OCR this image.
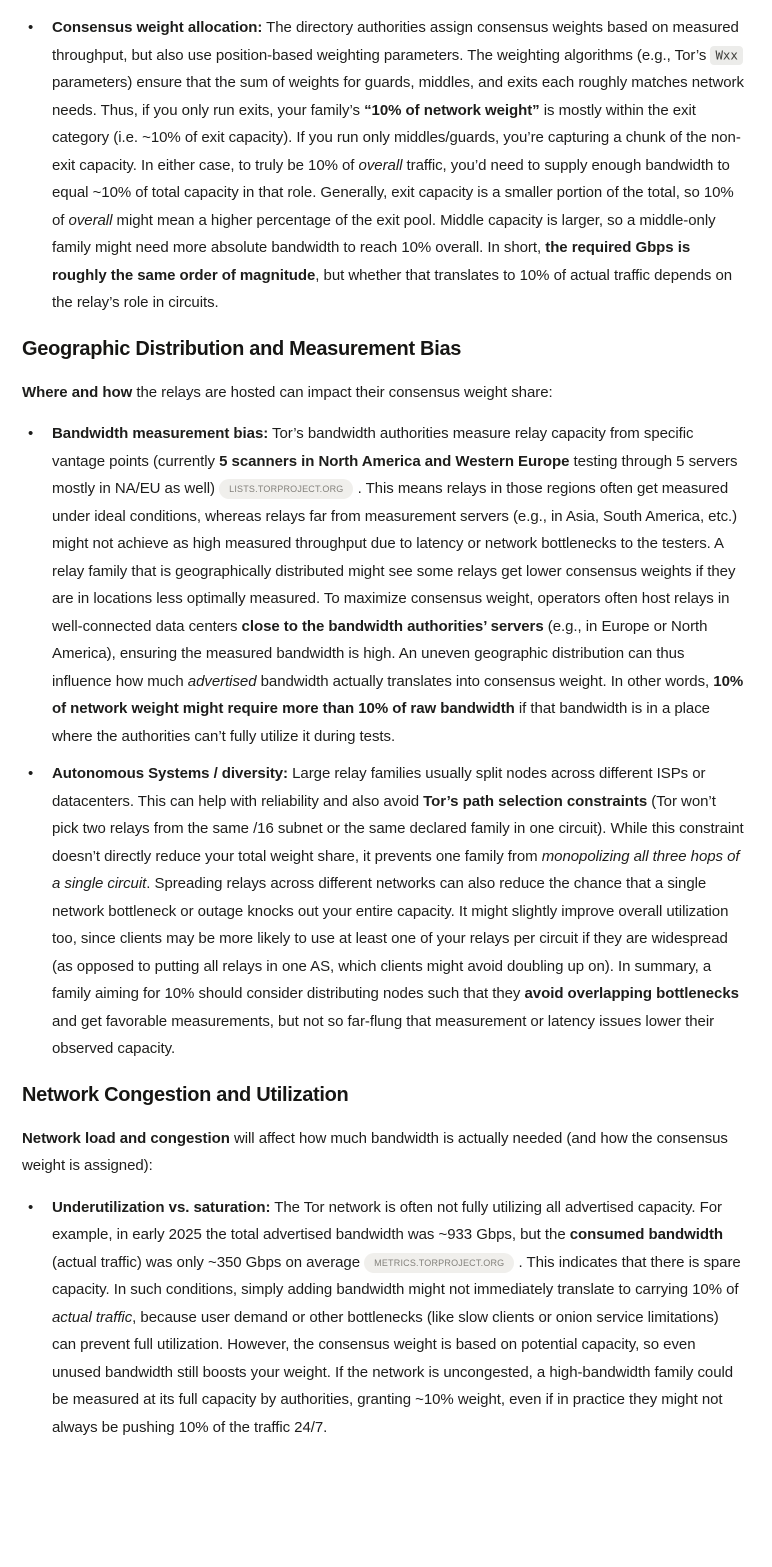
• Consensus weight allocation: The directory authorities assign consensus weights based on measured throughput, but also use position-based weighting parameters. The weighting algorithms (e.g., Tor’s Wxx parameters) ensure that the sum of weights for guards, middles, and exits each roughly matches network needs. Thus, if you only run exits, your family’s “10% of network weight” is mostly within the exit category (i.e. ~10% of exit capacity). If you run only middles/guards, you’re capturing a chunk of the non-exit capacity. In either case, to truly be 10% of overall traffic, you’d need to supply enough bandwidth to equal ~10% of total capacity in that role. Generally, exit capacity is a smaller portion of the total, so 10% of overall might mean a higher percentage of the exit pool. Middle capacity is larger, so a middle-only family might need more absolute bandwidth to reach 10% overall. In short, the required Gbps is roughly the same order of magnitude, but whether that translates to 10% of actual traffic depends on the relay’s role in circuits.
Geographic Distribution and Measurement Bias

Where and how the relays are hosted can impact their consensus weight share:

• Bandwidth measurement bias: Tor’s bandwidth authorities measure relay capacity from specific vantage points (currently 5 scanners in North America and Western Europe testing through 5 servers mostly in NA/EU as well) LISTS.TORPROJECT.ORG . This means relays in those regions often get measured under ideal conditions, whereas relays far from measurement servers (e.g., in Asia, South America, etc.) might not achieve as high measured throughput due to latency or network bottlenecks to the testers. A relay family that is geographically distributed might see some relays get lower consensus weights if they are in locations less optimally measured. To maximize consensus weight, operators often host relays in well-connected data centers close to the bandwidth authorities’ servers (e.g., in Europe or North America), ensuring the measured bandwidth is high. An uneven geographic distribution can thus influence how much advertised bandwidth actually translates into consensus weight. In other words, 10% of network weight might require more than 10% of raw bandwidth if that bandwidth is in a place where the authorities can’t fully utilize it during tests.
• Autonomous Systems / diversity: Large relay families usually split nodes across different ISPs or datacenters. This can help with reliability and also avoid Tor’s path selection constraints (Tor won’t pick two relays from the same /16 subnet or the same declared family in one circuit). While this constraint doesn’t directly reduce your total weight share, it prevents one family from monopolizing all three hops of a single circuit. Spreading relays across different networks can also reduce the chance that a single network bottleneck or outage knocks out your entire capacity. It might slightly improve overall utilization too, since clients may be more likely to use at least one of your relays per circuit if they are widespread (as opposed to putting all relays in one AS, which clients might avoid doubling up on). In summary, a family aiming for 10% should consider distributing nodes such that they avoid overlapping bottlenecks and get favorable measurements, but not so far-flung that measurement or latency issues lower their observed capacity.
Network Congestion and Utilization

Network load and congestion will affect how much bandwidth is actually needed (and how the consensus weight is assigned):

• Underutilization vs. saturation: The Tor network is often not fully utilizing all advertised capacity. For example, in early 2025 the total advertised bandwidth was ~933 Gbps, but the consumed bandwidth (actual traffic) was only ~350 Gbps on average METRICS.TORPROJECT.ORG . This indicates that there is spare capacity. In such conditions, simply adding bandwidth might not immediately translate to carrying 10% of actual traffic, because user demand or other bottlenecks (like slow clients or onion service limitations) can prevent full utilization. However, the consensus weight is based on potential capacity, so even unused bandwidth still boosts your weight. If the network is uncongested, a high-bandwidth family could be measured at its full capacity by authorities, granting ~10% weight, even if in practice they might not always be pushing 10% of the traffic 24/7.
